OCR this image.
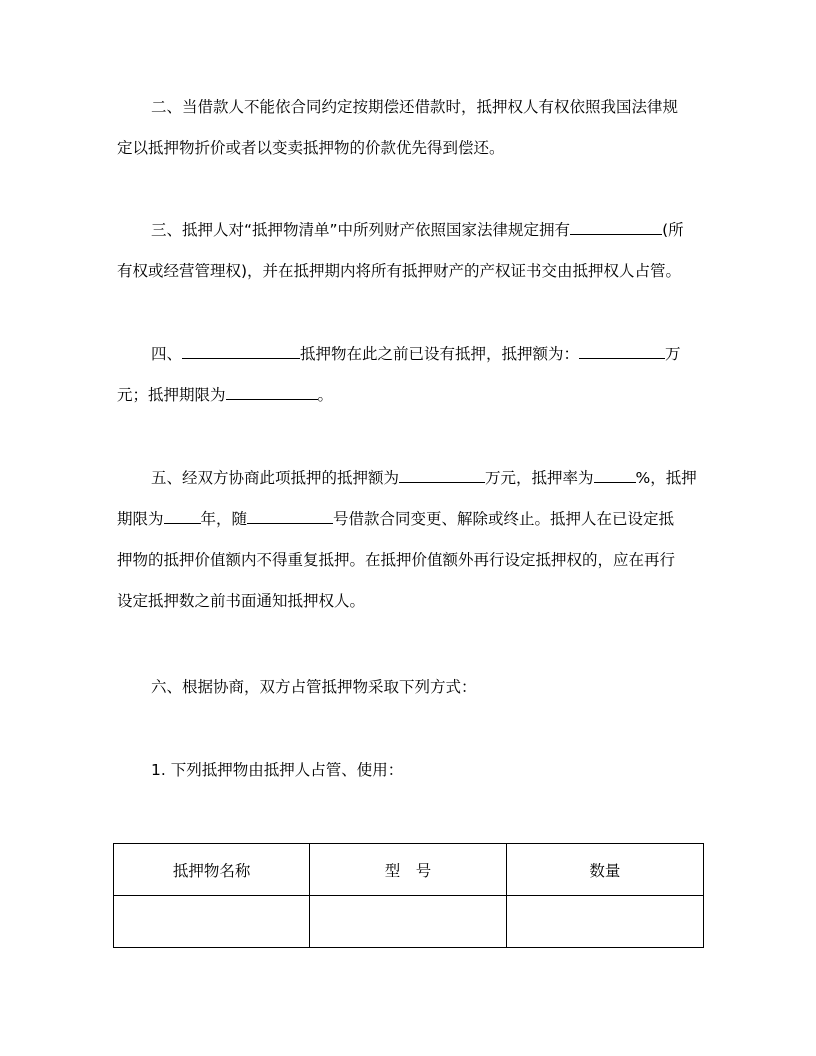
二、当借款人不能依合同约定按期偿还借款时，抵押权人有权依照我国法律规
定以抵押物折价或者以变卖抵押物的价款优先得到偿还。
三、抵押人对“抵押物清单”中所列财产依照国家法律规定拥有	(所
有权或经营管理权)，并在抵押期内将所有抵押财产的产权证书交由抵押权人占管。
四、	抵押物在此之前已设有抵押，抵押额为：	万
元；抵押期限为	。
五、经双方协商此项抵押的抵押额为	万元，抵押率为	%，抵押
期限为 年，随	号借款合同变更、解除或终止。抵押人在已设定抵
押物的抵押价值额内不得重复抵押。在抵押价值额外再行设定抵押权的，应在再行
设定抵押数之前书面通知抵押权人。
六、根据协商，双方占管抵押物采取下列方式：
1. 下列抵押物由抵押人占管、使用：
抵押物名称	型　号	数量
